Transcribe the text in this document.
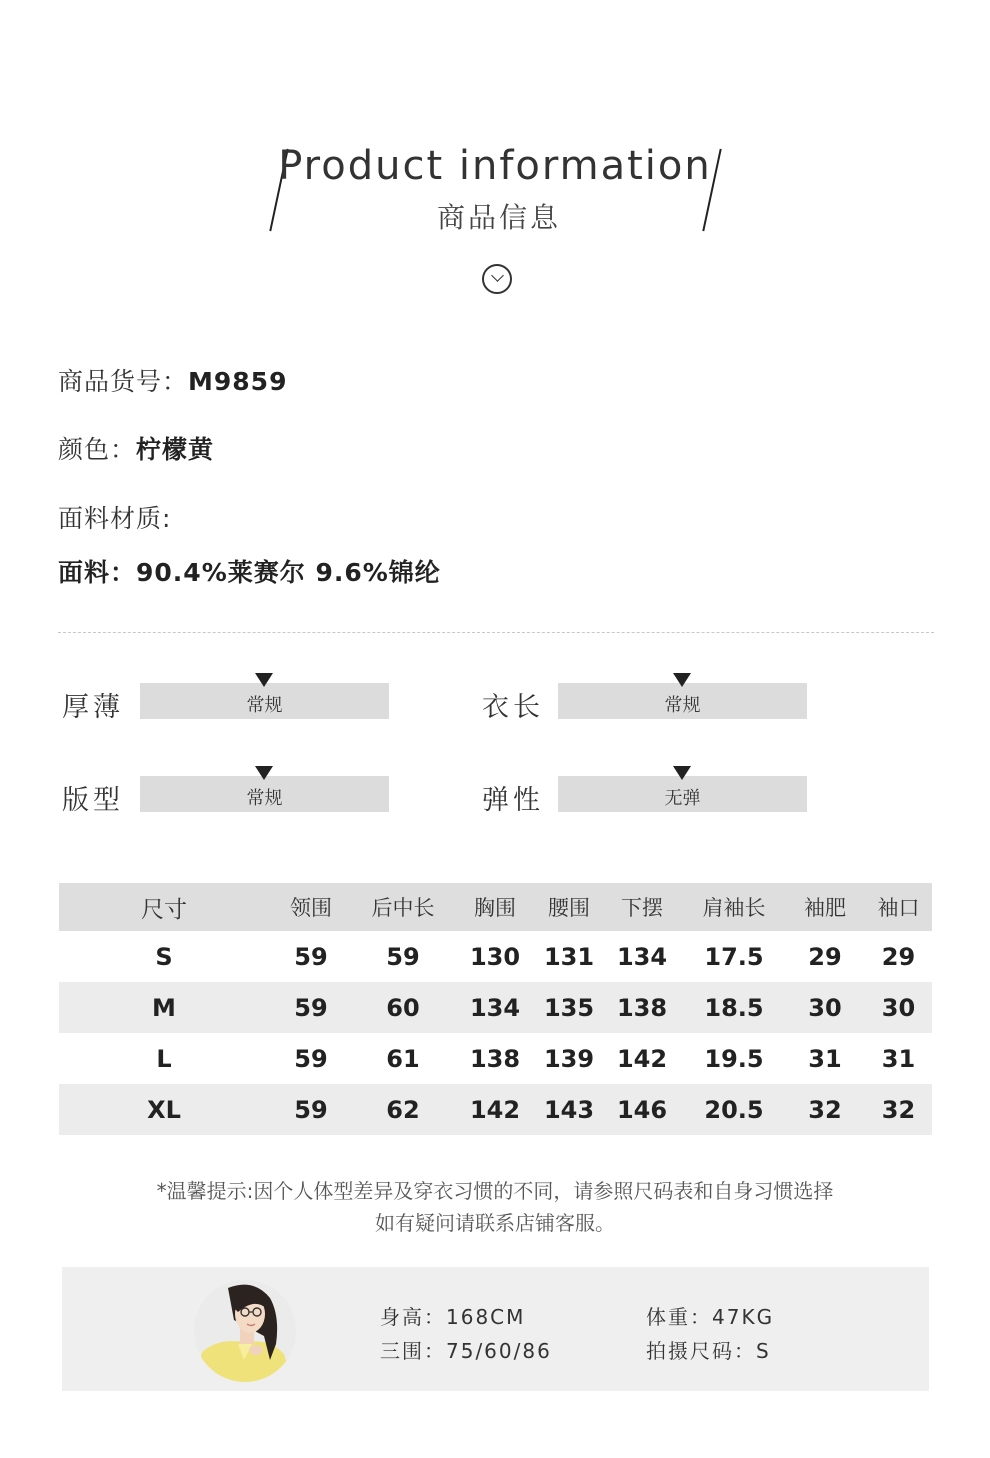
Product information
商品信息
商品货号：M9859
颜色：柠檬黄
面料材质:
面料：90.4%莱赛尔 9.6%锦纶
厚薄	常规	衣长	常规
版型	常规	弹性	无弹
尺寸	领围	后中长	胸围	腰围	下摆	肩袖长	袖肥	袖口
S	59	59	130	131	134	17.5	29	29
M	59	60	134	135	138	18.5	30	30
L	59	61	138	139	142	19.5	31	31
XL	59	62	142	143	146	20.5	32	32
*温馨提示:因个人体型差异及穿衣习惯的不同，请参照尺码表和自身习惯选择
如有疑问请联系店铺客服。
身高：168CM	体重：47KG
三围：75/60/86	拍摄尺码：S
